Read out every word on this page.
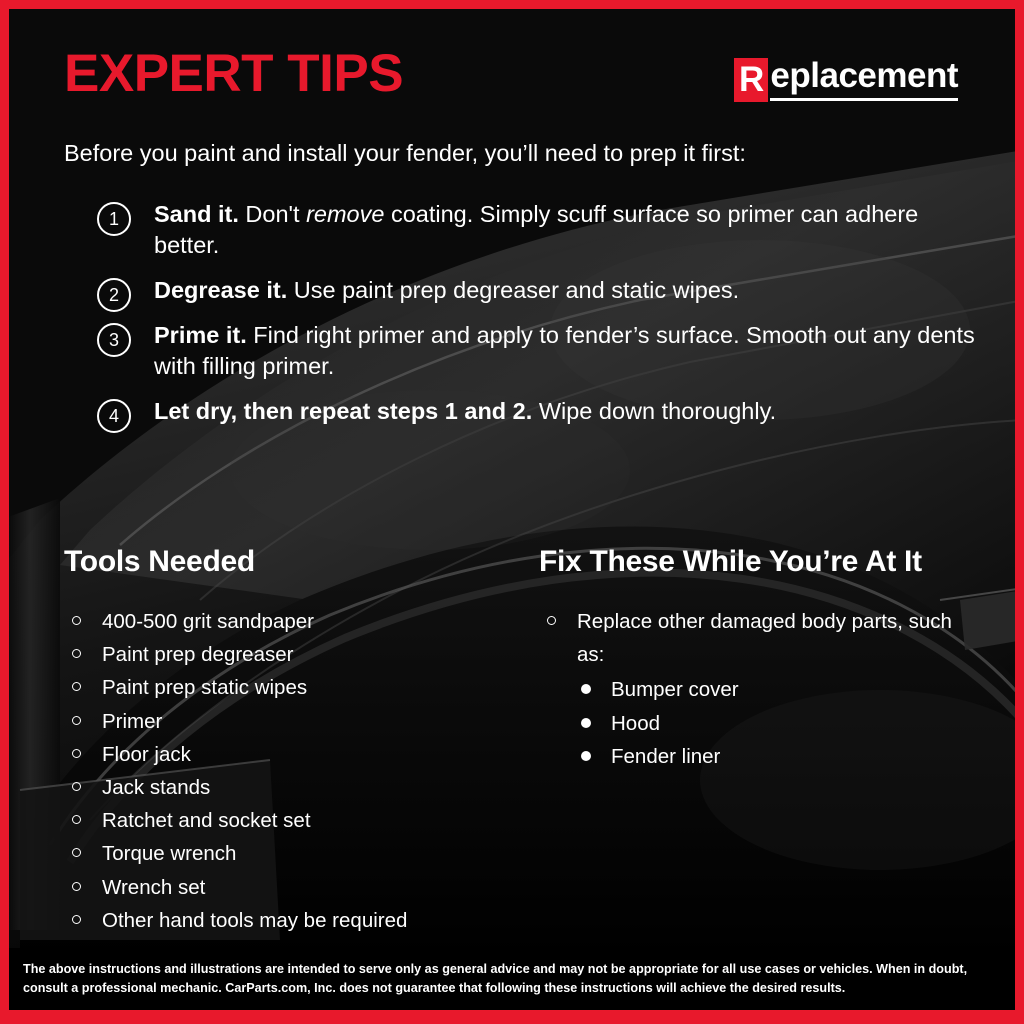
EXPERT TIPS	R eplacement
Before you paint and install your fender, you’ll need to prep it first:
1	Sand it. Don't remove coating. Simply scuff surface so primer can adhere better.
2	Degrease it. Use paint prep degreaser and static wipes.
3	Prime it. Find right primer and apply to fender’s surface. Smooth out any dents with filling primer.
4	Let dry, then repeat steps 1 and 2. Wipe down thoroughly.
Tools Needed
400-500 grit sandpaper
Paint prep degreaser
Paint prep static wipes
Primer
Floor jack
Jack stands
Ratchet and socket set
Torque wrench
Wrench set
Other hand tools may be required
Fix These While You’re At It
Replace other damaged body parts, such as:
Bumper cover
Hood
Fender liner
The above instructions and illustrations are intended to serve only as general advice and may not be appropriate for all use cases or vehicles. When in doubt, consult a professional mechanic. CarParts.com, Inc. does not guarantee that following these instructions will achieve the desired results.
